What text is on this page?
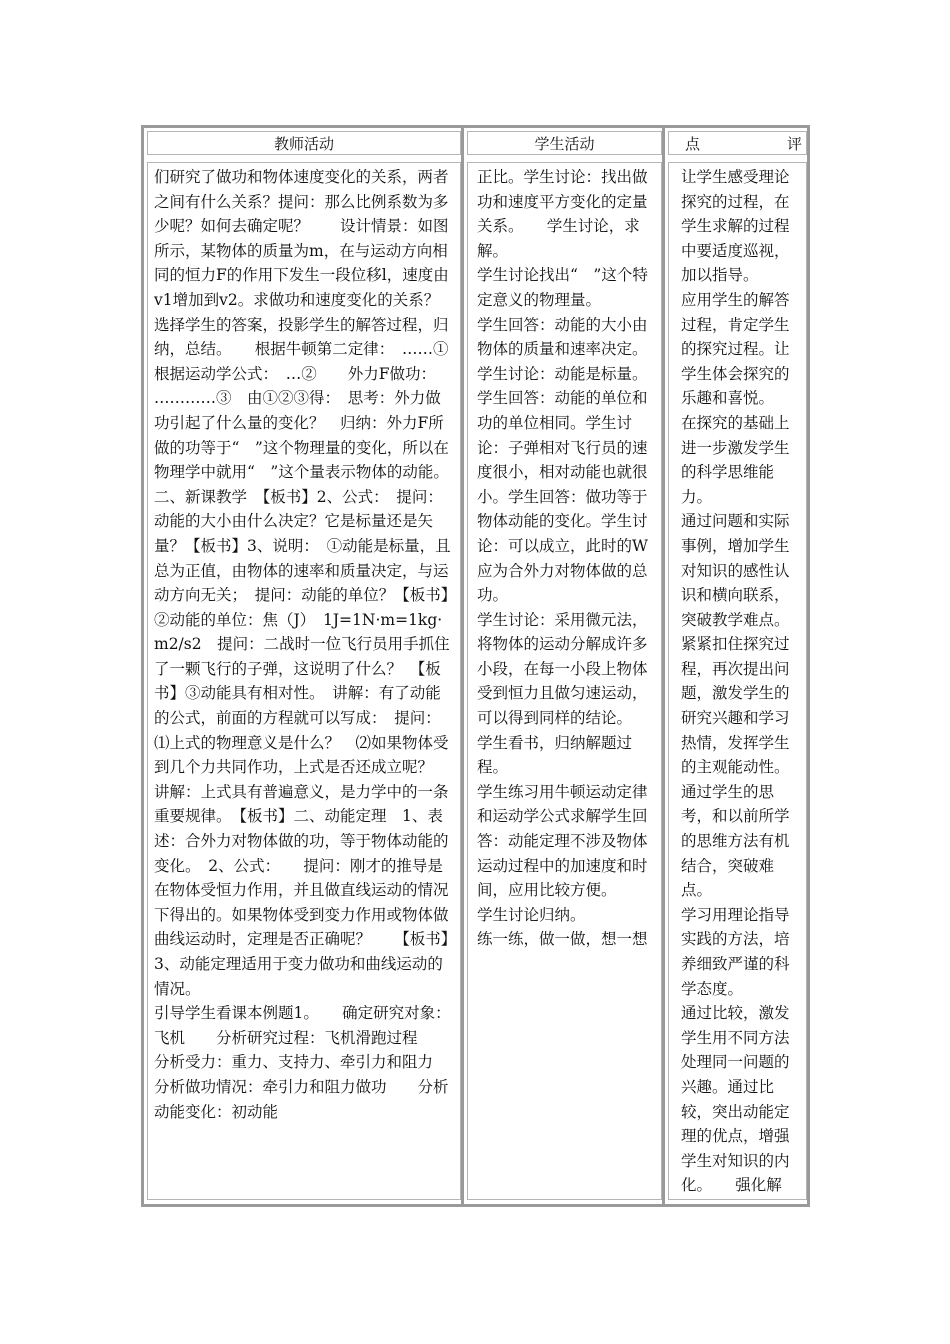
教师活动

们研究了做功和物体速度变化的关系，两者之间有什么关系？提问：那么比例系数为多少呢？如何去确定呢？　　设计情景：如图所示，某物体的质量为m，在与运动方向相同的恒力F的作用下发生一段位移l，速度由v1增加到v2。求做功和速度变化的关系？　　选择学生的答案，投影学生的解答过程，归纳，总结。　　根据牛顿第二定律：　……①　根据运动学公式：　…②　　外力F做功：　　…………③　由①②③得：　思考：外力做功引起了什么量的变化？　归纳：外力F所做的功等于“　”这个物理量的变化，所以在物理学中就用“　”这个量表示物体的动能。　　二、新课教学　【板书】2、公式：　提问：动能的大小由什么决定？它是标量还是矢量？【板书】3、说明：　①动能是标量，且总为正值，由物体的速率和质量决定，与运动方向无关；　提问：动能的单位？【板书】②动能的单位：焦（J）　1J=1N·m=1kg·m2/s2　提问：二战时一位飞行员用手抓住了一颗飞行的子弹，这说明了什么？　【板书】③动能具有相对性。　讲解：有了动能的公式，前面的方程就可以写成：　提问：⑴上式的物理意义是什么？　⑵如果物体受到几个力共同作功，上式是否还成立呢？　讲解：上式具有普遍意义，是力学中的一条重要规律。　【板书】二、动能定理　1、表述：合外力对物体做的功，等于物体动能的变化。　2、公式：　　提问：刚才的推导是在物体受恒力作用，并且做直线运动的情况下得出的。如果物体受到变力作用或物体做曲线运动时，定理是否正确呢？　　【板书】3、动能定理适用于变力做功和曲线运动的情况。

引导学生看课本例题1。　　确定研究对象：飞机　　分析研究过程：飞机滑跑过程　　分析受力：重力、支持力、牵引力和阻力　　分析做功情况：牵引力和阻力做功　　分析动能变化：初动能

学生活动

正比。学生讨论：找出做功和速度平方变化的定量关系。　　学生讨论，求解。

学生讨论找出“　”这个特定意义的物理量。

学生回答：动能的大小由物体的质量和速率决定。学生讨论：动能是标量。学生回答：动能的单位和功的单位相同。学生讨论：子弹相对飞行员的速度很小，相对动能也就很小。学生回答：做功等于物体动能的变化。学生讨论：可以成立，此时的W应为合外力对物体做的总功。

学生讨论：采用微元法，将物体的运动分解成许多小段，在每一小段上物体受到恒力且做匀速运动，可以得到同样的结论。

学生看书，归纳解题过程。

学生练习用牛顿运动定律和运动学公式求解学生回答：动能定理不涉及物体运动过程中的加速度和时间，应用比较方便。

学生讨论归纳。

练一练，做一做，想一想

点	评

让学生感受理论探究的过程，在学生求解的过程中要适度巡视，加以指导。

应用学生的解答过程，肯定学生的探究过程。让学生体会探究的乐趣和喜悦。

在探究的基础上进一步激发学生的科学思维能力。

通过问题和实际事例，增加学生对知识的感性认识和横向联系，突破教学难点。

紧紧扣住探究过程，再次提出问题，激发学生的研究兴趣和学习热情，发挥学生的主观能动性。

通过学生的思考，和以前所学的思维方法有机结合，突破难点。

学习用理论指导实践的方法，培养细致严谨的科学态度。

通过比较，激发学生用不同方法处理同一问题的兴趣。通过比较，突出动能定理的优点，增强学生对知识的内化。　　强化解
